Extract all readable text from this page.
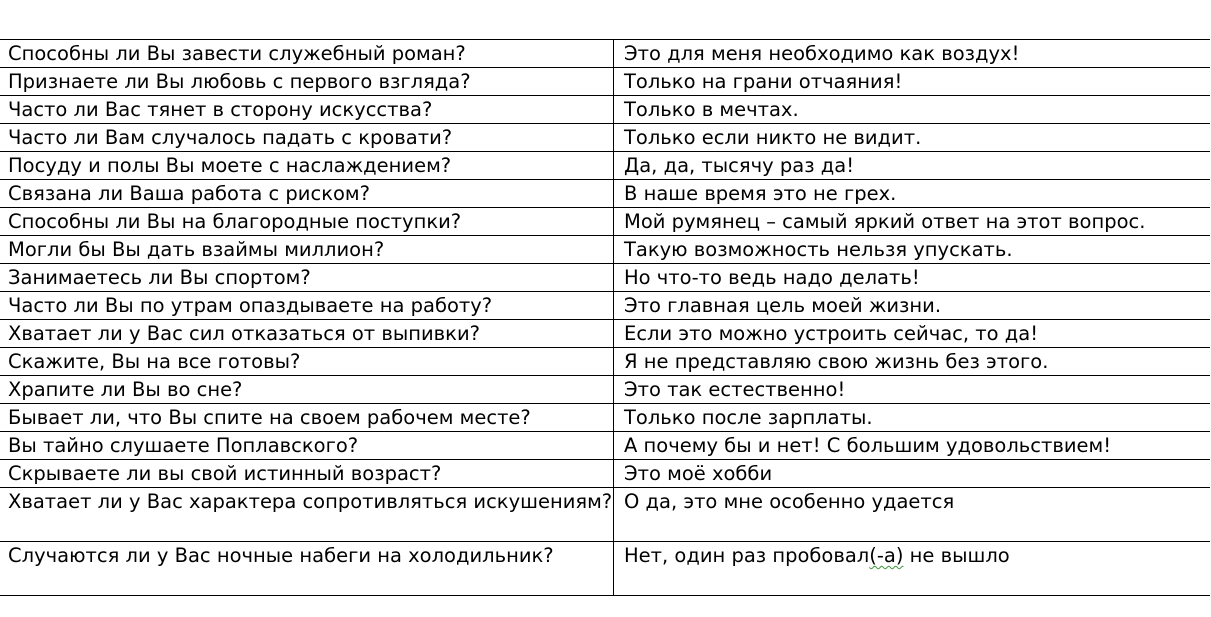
Способны ли Вы завести служебный роман?	Это для меня необходимо как воздух!
Признаете ли Вы любовь с первого взгляда?	Только на грани отчаяния!
Часто ли Вас тянет в сторону искусства?	Только в мечтах.
Часто ли Вам случалось падать с кровати?	Только если никто не видит.
Посуду и полы Вы моете с наслаждением?	Да, да, тысячу раз да!
Связана ли Ваша работа с риском?	В наше время это не грех.
Способны ли Вы на благородные поступки?	Мой румянец – самый яркий ответ на этот вопрос.
Могли бы Вы дать взаймы миллион?	Такую возможность нельзя упускать.
Занимаетесь ли Вы спортом?	Но что-то ведь надо делать!
Часто ли Вы по утрам опаздываете на работу?	Это главная цель моей жизни.
Хватает ли у Вас сил отказаться от выпивки?	Если это можно устроить сейчас, то да!
Скажите, Вы на все готовы?	Я не представляю свою жизнь без этого.
Храпите ли Вы во сне?	Это так естественно!
Бывает ли, что Вы спите на своем рабочем месте?	Только после зарплаты.
Вы тайно слушаете Поплавского?	А почему бы и нет! С большим удовольствием!
Скрываете ли вы свой истинный возраст?	Это моё хобби
Хватает ли у Вас характера сопротивляться искушениям?	О да, это мне особенно удается
Случаются ли у Вас ночные набеги на холодильник?	Нет, один раз пробовал(-а) не вышло
